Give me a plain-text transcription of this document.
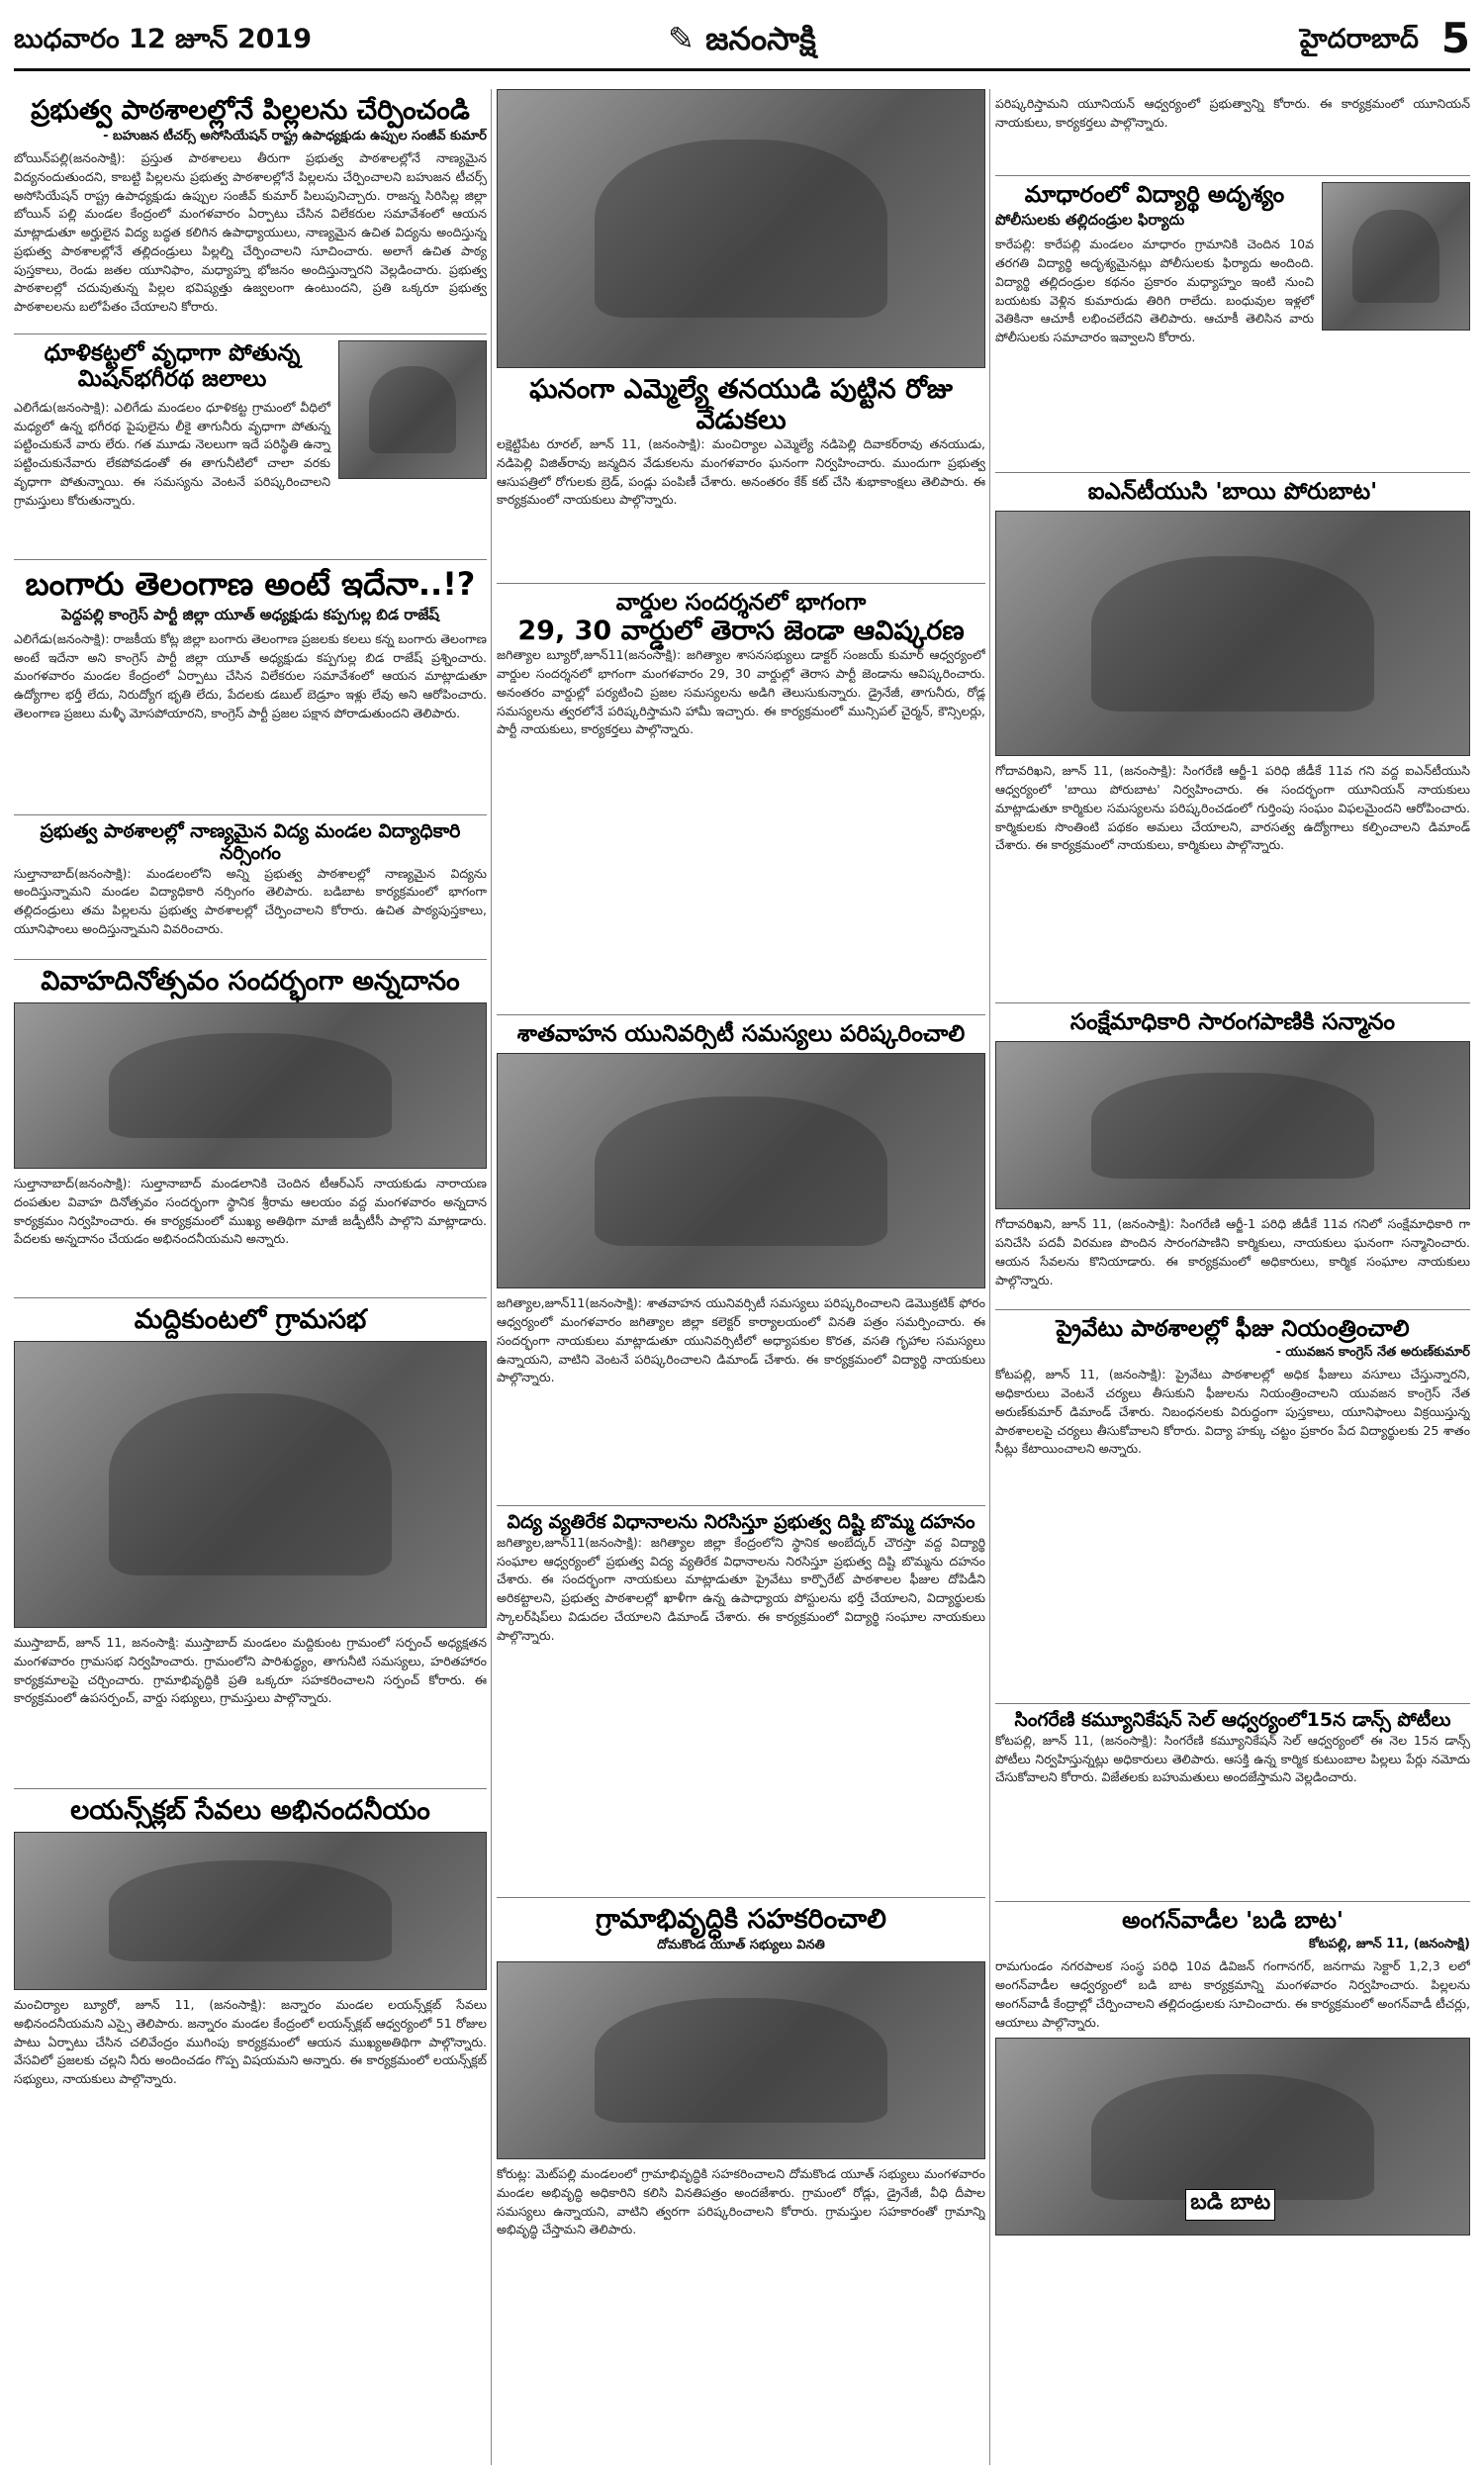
బుధవారం 12 జూన్ 2019	✎ జనంసాక్షి	హైదరాబాద్ 5
ప్రభుత్వ పాఠశాలల్లోనే పిల్లలను చేర్పించండి
- బహుజన టీచర్స్ అసోసియేషన్ రాష్ట్ర ఉపాధ్యక్షుడు ఉప్పుల సంజీవ్ కుమార్
బోయిన్‌పల్లి(జనంసాక్షి): ప్రస్తుత పాఠశాలలు తీరుగా ప్రభుత్వ పాఠశాలల్లోనే నాణ్యమైన విద్యనందుతుందని, కాబట్టి పిల్లలను ప్రభుత్వ పాఠశాలల్లోనే పిల్లలను చేర్పించాలని బహుజన టీచర్స్ అసోసియేషన్ రాష్ట్ర ఉపాధ్యక్షుడు ఉప్పుల సంజీవ్ కుమార్ పిలుపునిచ్చారు. రాజన్న సిరిసిల్ల జిల్లా బోయిన్ పల్లి మండల కేంద్రంలో మంగళవారం ఏర్పాటు చేసిన విలేకరుల సమావేశంలో ఆయన మాట్లాడుతూ అర్హులైన విద్య బద్ధత కలిగిన ఉపాధ్యాయులు, నాణ్యమైన ఉచిత విద్యను అందిస్తున్న ప్రభుత్వ పాఠశాలల్లోనే తల్లిదండ్రులు పిల్లల్ని చేర్పించాలని సూచించారు. అలాగే ఉచిత పాఠ్య పుస్తకాలు, రెండు జతల యూనిఫాం, మధ్యాహ్న భోజనం అందిస్తున్నారని వెల్లడించారు. ప్రభుత్వ పాఠశాలల్లో చదువుతున్న పిల్లల భవిష్యత్తు ఉజ్వలంగా ఉంటుందని, ప్రతి ఒక్కరూ ప్రభుత్వ పాఠశాలలను బలోపేతం చేయాలని కోరారు.
ధూళికట్టలో వృధాగా పోతున్న మిషన్‌భగీరథ జలాలు
ఎలిగేడు(జనంసాక్షి): ఎలిగేడు మండలం ధూళికట్ట గ్రామంలో వీధిలో మధ్యలో ఉన్న భగీరథ పైపులైను లీకై తాగునీరు వృధాగా పోతున్న పట్టించుకునే వారు లేరు. గత మూడు నెలలుగా ఇదే పరిస్థితి ఉన్నా పట్టించుకునేవారు లేకపోవడంతో ఈ తాగునీటిలో చాలా వరకు వృధాగా పోతున్నాయి. ఈ సమస్యను వెంటనే పరిష్కరించాలని గ్రామస్తులు కోరుతున్నారు.
బంగారు తెలంగాణ అంటే ఇదేనా..!?
పెద్దపల్లి కాంగ్రెస్ పార్టీ జిల్లా యూత్ అధ్యక్షుడు కప్పగుల్ల బిడ రాజేష్
ఎలిగేడు(జనంసాక్షి): రాజకీయ కోట్ల జిల్లా బంగారు తెలంగాణ ప్రజలకు కలలు కన్న బంగారు తెలంగాణ అంటే ఇదేనా అని కాంగ్రెస్ పార్టీ జిల్లా యూత్ అధ్యక్షుడు కప్పగుల్ల బిడ రాజేష్ ప్రశ్నించారు. మంగళవారం మండల కేంద్రంలో ఏర్పాటు చేసిన విలేకరుల సమావేశంలో ఆయన మాట్లాడుతూ ఉద్యోగాల భర్తీ లేదు, నిరుద్యోగ భృతి లేదు, పేదలకు డబుల్ బెడ్రూం ఇళ్లు లేవు అని ఆరోపించారు. తెలంగాణ ప్రజలు మళ్ళీ మోసపోయారని, కాంగ్రెస్ పార్టీ ప్రజల పక్షాన పోరాడుతుందని తెలిపారు.
ప్రభుత్వ పాఠశాలల్లో నాణ్యమైన విద్య మండల విద్యాధికారి నర్సింగం
సుల్తానాబాద్(జనంసాక్షి): మండలంలోని అన్ని ప్రభుత్వ పాఠశాలల్లో నాణ్యమైన విద్యను అందిస్తున్నామని మండల విద్యాధికారి నర్సింగం తెలిపారు. బడిబాట కార్యక్రమంలో భాగంగా తల్లిదండ్రులు తమ పిల్లలను ప్రభుత్వ పాఠశాలల్లో చేర్పించాలని కోరారు. ఉచిత పాఠ్యపుస్తకాలు, యూనిఫాంలు అందిస్తున్నామని వివరించారు.
వివాహదినోత్సవం సందర్భంగా అన్నదానం
సుల్తానాబాద్(జనంసాక్షి): సుల్తానాబాద్ మండలానికి చెందిన టీఆర్ఎస్ నాయకుడు నారాయణ దంపతుల వివాహ దినోత్సవం సందర్భంగా స్థానిక శ్రీరామ ఆలయం వద్ద మంగళవారం అన్నదాన కార్యక్రమం నిర్వహించారు. ఈ కార్యక్రమంలో ముఖ్య అతిథిగా మాజీ జడ్పీటీసీ పాల్గొని మాట్లాడారు. పేదలకు అన్నదానం చేయడం అభినందనీయమని అన్నారు.
మద్దికుంటలో గ్రామసభ
ముస్తాబాద్, జూన్ 11, జనంసాక్షి: ముస్తాబాద్ మండలం మద్దికుంట గ్రామంలో సర్పంచ్ అధ్యక్షతన మంగళవారం గ్రామసభ నిర్వహించారు. గ్రామంలోని పారిశుద్ధ్యం, తాగునీటి సమస్యలు, హరితహారం కార్యక్రమాలపై చర్చించారు. గ్రామాభివృద్ధికి ప్రతి ఒక్కరూ సహకరించాలని సర్పంచ్ కోరారు. ఈ కార్యక్రమంలో ఉపసర్పంచ్, వార్డు సభ్యులు, గ్రామస్తులు పాల్గొన్నారు.
లయన్స్‌క్లబ్ సేవలు అభినందనీయం
మంచిర్యాల బ్యూరో, జూన్ 11, (జనంసాక్షి): జన్నారం మండల లయన్స్‌క్లబ్ సేవలు అభినందనీయమని ఎస్సై తెలిపారు. జన్నారం మండల కేంద్రంలో లయన్స్‌క్లబ్ ఆధ్వర్యంలో 51 రోజుల పాటు ఏర్పాటు చేసిన చలివేంద్రం ముగింపు కార్యక్రమంలో ఆయన ముఖ్యఅతిథిగా పాల్గొన్నారు. వేసవిలో ప్రజలకు చల్లని నీరు అందించడం గొప్ప విషయమని అన్నారు. ఈ కార్యక్రమంలో లయన్స్‌క్లబ్ సభ్యులు, నాయకులు పాల్గొన్నారు.
ఘనంగా ఎమ్మెల్యే తనయుడి పుట్టిన రోజు వేడుకలు
లక్షెట్టిపేట రూరల్, జూన్ 11, (జనంసాక్షి): మంచిర్యాల ఎమ్మెల్యే నడిపెల్లి దివాకర్‌రావు తనయుడు, నడిపెల్లి విజిత్‌రావు జన్మదిన వేడుకలను మంగళవారం ఘనంగా నిర్వహించారు. ముందుగా ప్రభుత్వ ఆసుపత్రిలో రోగులకు బ్రెడ్, పండ్లు పంపిణీ చేశారు. అనంతరం కేక్ కట్ చేసి శుభాకాంక్షలు తెలిపారు. ఈ కార్యక్రమంలో నాయకులు పాల్గొన్నారు.
వార్డుల సందర్శనలో భాగంగా
29, 30 వార్డులో తెరాస జెండా ఆవిష్కరణ
జగిత్యాల బ్యూరో,జూన్11(జనంసాక్షి): జగిత్యాల శాసనసభ్యులు డాక్టర్ సంజయ్ కుమార్ ఆధ్వర్యంలో వార్డుల సందర్శనలో భాగంగా మంగళవారం 29, 30 వార్డుల్లో తెరాస పార్టీ జెండాను ఆవిష్కరించారు. అనంతరం వార్డుల్లో పర్యటించి ప్రజల సమస్యలను అడిగి తెలుసుకున్నారు. డ్రైనేజీ, తాగునీరు, రోడ్ల సమస్యలను త్వరలోనే పరిష్కరిస్తామని హామీ ఇచ్చారు. ఈ కార్యక్రమంలో మున్సిపల్ చైర్మన్, కౌన్సిలర్లు, పార్టీ నాయకులు, కార్యకర్తలు పాల్గొన్నారు.
శాతవాహన యునివర్సిటీ సమస్యలు పరిష్కరించాలి
జగిత్యాల,జూన్11(జనంసాక్షి): శాతవాహన యునివర్సిటీ సమస్యలు పరిష్కరించాలని డెమొక్రటిక్ ఫోరం ఆధ్వర్యంలో మంగళవారం జగిత్యాల జిల్లా కలెక్టర్ కార్యాలయంలో వినతి పత్రం సమర్పించారు. ఈ సందర్భంగా నాయకులు మాట్లాడుతూ యునివర్సిటీలో అధ్యాపకుల కొరత, వసతి గృహాల సమస్యలు ఉన్నాయని, వాటిని వెంటనే పరిష్కరించాలని డిమాండ్ చేశారు. ఈ కార్యక్రమంలో విద్యార్థి నాయకులు పాల్గొన్నారు.
విద్య వ్యతిరేక విధానాలను నిరసిస్తూ ప్రభుత్వ దిష్టి బొమ్మ దహనం
జగిత్యాల,జూన్11(జనంసాక్షి): జగిత్యాల జిల్లా కేంద్రంలోని స్థానిక అంబేద్కర్ చౌరస్తా వద్ద విద్యార్థి సంఘాల ఆధ్వర్యంలో ప్రభుత్వ విద్య వ్యతిరేక విధానాలను నిరసిస్తూ ప్రభుత్వ దిష్టి బొమ్మను దహనం చేశారు. ఈ సందర్భంగా నాయకులు మాట్లాడుతూ ప్రైవేటు కార్పొరేట్ పాఠశాలల ఫీజుల దోపిడీని అరికట్టాలని, ప్రభుత్వ పాఠశాలల్లో ఖాళీగా ఉన్న ఉపాధ్యాయ పోస్టులను భర్తీ చేయాలని, విద్యార్థులకు స్కాలర్‌షిప్‌లు విడుదల చేయాలని డిమాండ్ చేశారు. ఈ కార్యక్రమంలో విద్యార్థి సంఘాల నాయకులు పాల్గొన్నారు.
గ్రామాభివృద్ధికి సహకరించాలి
దోమకొండ యూత్ సభ్యులు వినతి
కోరుట్ల: మెట్‌పల్లి మండలంలో గ్రామాభివృద్ధికి సహకరించాలని దోమకొండ యూత్ సభ్యులు మంగళవారం మండల అభివృద్ధి అధికారిని కలిసి వినతిపత్రం అందజేశారు. గ్రామంలో రోడ్లు, డ్రైనేజీ, వీధి దీపాల సమస్యలు ఉన్నాయని, వాటిని త్వరగా పరిష్కరించాలని కోరారు. గ్రామస్తుల సహకారంతో గ్రామాన్ని అభివృద్ధి చేస్తామని తెలిపారు.
పరిష్కరిస్తామని యూనియన్ ఆధ్వర్యంలో ప్రభుత్వాన్ని కోరారు. ఈ కార్యక్రమంలో యూనియన్ నాయకులు, కార్యకర్తలు పాల్గొన్నారు.
మాధారంలో విద్యార్థి అదృశ్యం
పోలీసులకు తల్లిదండ్రుల ఫిర్యాదు
కారేపల్లి: కారేపల్లి మండలం మాధారం గ్రామానికి చెందిన 10వ తరగతి విద్యార్థి అదృశ్యమైనట్లు పోలీసులకు ఫిర్యాదు అందింది. విద్యార్థి తల్లిదండ్రుల కథనం ప్రకారం మధ్యాహ్నం ఇంటి నుంచి బయటకు వెళ్లిన కుమారుడు తిరిగి రాలేదు. బంధువుల ఇళ్లలో వెతికినా ఆచూకీ లభించలేదని తెలిపారు. ఆచూకీ తెలిసిన వారు పోలీసులకు సమాచారం ఇవ్వాలని కోరారు.
ఐఎన్‌టీయుసి 'బాయి పోరుబాట'
గోదావరిఖని, జూన్ 11, (జనంసాక్షి): సింగరేణి ఆర్జీ-1 పరిధి జీడీకే 11వ గని వద్ద ఐఎన్‌టీయుసి ఆధ్వర్యంలో 'బాయి పోరుబాట' నిర్వహించారు. ఈ సందర్భంగా యూనియన్ నాయకులు మాట్లాడుతూ కార్మికుల సమస్యలను పరిష్కరించడంలో గుర్తింపు సంఘం విఫలమైందని ఆరోపించారు. కార్మికులకు సొంతింటి పథకం అమలు చేయాలని, వారసత్వ ఉద్యోగాలు కల్పించాలని డిమాండ్ చేశారు. ఈ కార్యక్రమంలో నాయకులు, కార్మికులు పాల్గొన్నారు.
సంక్షేమాధికారి సారంగపాణికి సన్మానం
గోదావరిఖని, జూన్ 11, (జనంసాక్షి): సింగరేణి ఆర్జీ-1 పరిధి జీడీకే 11వ గనిలో సంక్షేమాధికారి గా పనిచేసి పదవీ విరమణ పొందిన సారంగపాణిని కార్మికులు, నాయకులు ఘనంగా సన్మానించారు. ఆయన సేవలను కొనియాడారు. ఈ కార్యక్రమంలో అధికారులు, కార్మిక సంఘాల నాయకులు పాల్గొన్నారు.
ప్రైవేటు పాఠశాలల్లో ఫీజు నియంత్రించాలి
- యువజన కాంగ్రెస్ నేత అరుణ్‌కుమార్
కోటపల్లి, జూన్ 11, (జనంసాక్షి): ప్రైవేటు పాఠశాలల్లో అధిక ఫీజులు వసూలు చేస్తున్నారని, అధికారులు వెంటనే చర్యలు తీసుకుని ఫీజులను నియంత్రించాలని యువజన కాంగ్రెస్ నేత అరుణ్‌కుమార్ డిమాండ్ చేశారు. నిబంధనలకు విరుద్ధంగా పుస్తకాలు, యూనిఫాంలు విక్రయిస్తున్న పాఠశాలలపై చర్యలు తీసుకోవాలని కోరారు. విద్యా హక్కు చట్టం ప్రకారం పేద విద్యార్థులకు 25 శాతం సీట్లు కేటాయించాలని అన్నారు.
సింగరేణి కమ్యూనికేషన్ సెల్ ఆధ్వర్యంలో15న డాన్స్ పోటీలు
కోటపల్లి, జూన్ 11, (జనంసాక్షి): సింగరేణి కమ్యూనికేషన్ సెల్ ఆధ్వర్యంలో ఈ నెల 15న డాన్స్ పోటీలు నిర్వహిస్తున్నట్లు అధికారులు తెలిపారు. ఆసక్తి ఉన్న కార్మిక కుటుంబాల పిల్లలు పేర్లు నమోదు చేసుకోవాలని కోరారు. విజేతలకు బహుమతులు అందజేస్తామని వెల్లడించారు.
అంగన్‌వాడీల 'బడి బాట'
కోటపల్లి, జూన్ 11, (జనంసాక్షి)
రామగుండం నగరపాలక సంస్థ పరిధి 10వ డివిజన్ గంగానగర్, జనగామ సెక్టార్ 1,2,3 లలో అంగన్‌వాడీల ఆధ్వర్యంలో బడి బాట కార్యక్రమాన్ని మంగళవారం నిర్వహించారు. పిల్లలను అంగన్‌వాడీ కేంద్రాల్లో చేర్పించాలని తల్లిదండ్రులకు సూచించారు. ఈ కార్యక్రమంలో అంగన్‌వాడీ టీచర్లు, ఆయాలు పాల్గొన్నారు.
బడి బాట
